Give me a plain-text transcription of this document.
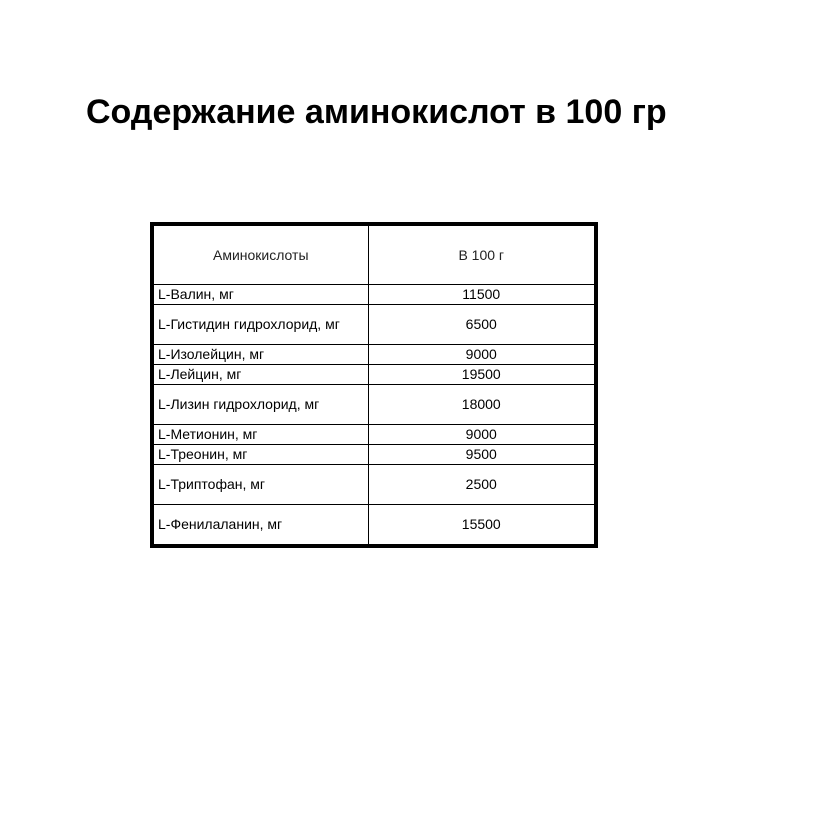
Содержание аминокислот в 100 гр
Аминокислоты	В 100 г
L-Валин, мг	11500
L-Гистидин гидрохлорид, мг	6500
L-Изолейцин, мг	9000
L-Лейцин, мг	19500
L-Лизин гидрохлорид, мг	18000
L-Метионин, мг	9000
L-Треонин, мг	9500
L-Триптофан, мг	2500
L-Фенилаланин, мг	15500
